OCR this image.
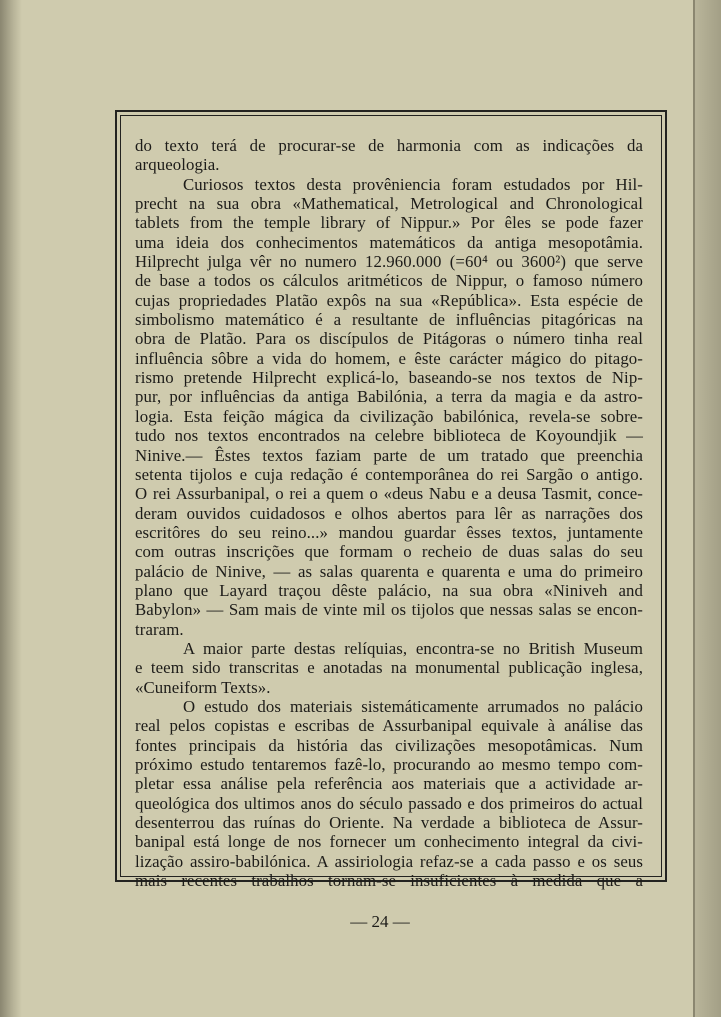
do texto terá de procurar-se de harmonia com as indicações da
arqueologia.
Curiosos textos desta provêniencia foram estudados por Hil-
precht na sua obra «Mathematical, Metrological and Chronological
tablets from the temple library of Nippur.» Por êles se pode fazer
uma ideia dos conhecimentos matemáticos da antiga mesopotâmia.
Hilprecht julga vêr no numero 12.960.000 (=60⁴ ou 3600²) que serve
de base a todos os cálculos aritméticos de Nippur, o famoso número
cujas propriedades Platão expôs na sua «República». Esta espécie de
simbolismo matemático é a resultante de influências pitagóricas na
obra de Platão. Para os discípulos de Pitágoras o número tinha real
influência sôbre a vida do homem, e êste carácter mágico do pitago-
rismo pretende Hilprecht explicá-lo, baseando-se nos textos de Nip-
pur, por influências da antiga Babilónia, a terra da magia e da astro-
logia. Esta feição mágica da civilização babilónica, revela-se sobre-
tudo nos textos encontrados na celebre biblioteca de Koyoundjik —
Ninive.— Êstes textos faziam parte de um tratado que preenchia
setenta tijolos e cuja redação é contemporânea do rei Sargão o antigo.
O rei Assurbanipal, o rei a quem o «deus Nabu e a deusa Tasmit, conce-
deram ouvidos cuidadosos e olhos abertos para lêr as narrações dos
escritôres do seu reino...» mandou guardar êsses textos, juntamente
com outras inscrições que formam o recheio de duas salas do seu
palácio de Ninive, — as salas quarenta e quarenta e uma do primeiro
plano que Layard traçou dêste palácio, na sua obra «Niniveh and
Babylon» — Sam mais de vinte mil os tijolos que nessas salas se encon-
traram.
A maior parte destas relíquias, encontra-se no British Museum
e teem sido transcritas e anotadas na monumental publicação inglesa,
«Cuneiform Texts».
O estudo dos materiais sistemáticamente arrumados no palácio
real pelos copistas e escribas de Assurbanipal equivale à análise das
fontes principais da história das civilizações mesopotâmicas. Num
próximo estudo tentaremos fazê-lo, procurando ao mesmo tempo com-
pletar essa análise pela referência aos materiais que a actividade ar-
queológica dos ultimos anos do século passado e dos primeiros do actual
desenterrou das ruínas do Oriente. Na verdade a biblioteca de Assur-
banipal está longe de nos fornecer um conhecimento integral da civi-
lização assiro-babilónica. A assiriologia refaz-se a cada passo e os seus
mais recentes trabalhos tornam-se insuficientes à medida que a
— 24 —
